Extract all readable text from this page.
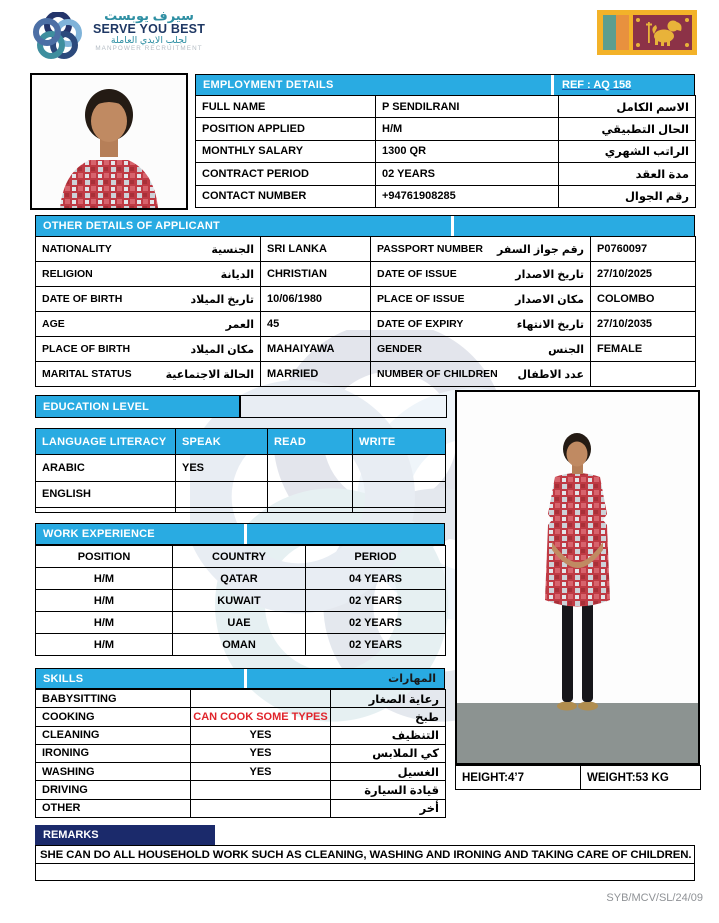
سيرف يوبست
SERVE YOU BEST
لجلب الايدي العاملة
MANPOWER RECRUITMENT
EMPLOYMENT DETAILS	REF : AQ 158
FULL NAME	P SENDILRANI	الاسم الكامل
POSITION APPLIED	H/M	الحال التطبيقي
MONTHLY SALARY	1300 QR	الراتب الشهري
CONTRACT PERIOD	02 YEARS	مدة العقد
CONTACT NUMBER	+94761908285	رقم الجوال
OTHER DETAILS OF APPLICANT
NATIONALITY الجنسية	SRI LANKA	PASSPORT NUMBER رقم جواز السفر	P0760097

RELIGION الديانة	CHRISTIAN	DATE OF ISSUE تاريخ الاصدار	27/10/2025

DATE OF BIRTH تاريخ الميلاد	10/06/1980	PLACE OF ISSUE مكان الاصدار	COLOMBO

AGE العمر	45	DATE OF EXPIRY تاريخ الانتهاء	27/10/2035

PLACE OF BIRTH مكان الميلاد	MAHAIYAWA	GENDER الجنس	FEMALE

MARITAL STATUS الحالة الاجتماعية	MARRIED	NUMBER OF CHILDREN عدد الاطفال	

EDUCATION LEVEL
LANGUAGE LITERACY	SPEAK	READ	WRITE
ARABIC	YES		
ENGLISH			

WORK EXPERIENCE
POSITION	COUNTRY	PERIOD
H/M	QATAR	04 YEARS
H/M	KUWAIT	02 YEARS
H/M	UAE	02 YEARS
H/M	OMAN	02 YEARS
SKILLS	المهارات
BABYSITTING		رعاية الصغار
COOKING	CAN COOK SOME TYPES	طبخ
CLEANING	YES	التنظيف
IRONING	YES	كي الملابس
WASHING	YES	الغسيل
DRIVING		قيادة السيارة
OTHER		أخر
HEIGHT:4’7	WEIGHT:53 KG
REMARKS
SHE CAN DO ALL HOUSEHOLD WORK SUCH AS CLEANING, WASHING AND IRONING AND TAKING CARE OF CHILDREN.
SYB/MCV/SL/24/09
